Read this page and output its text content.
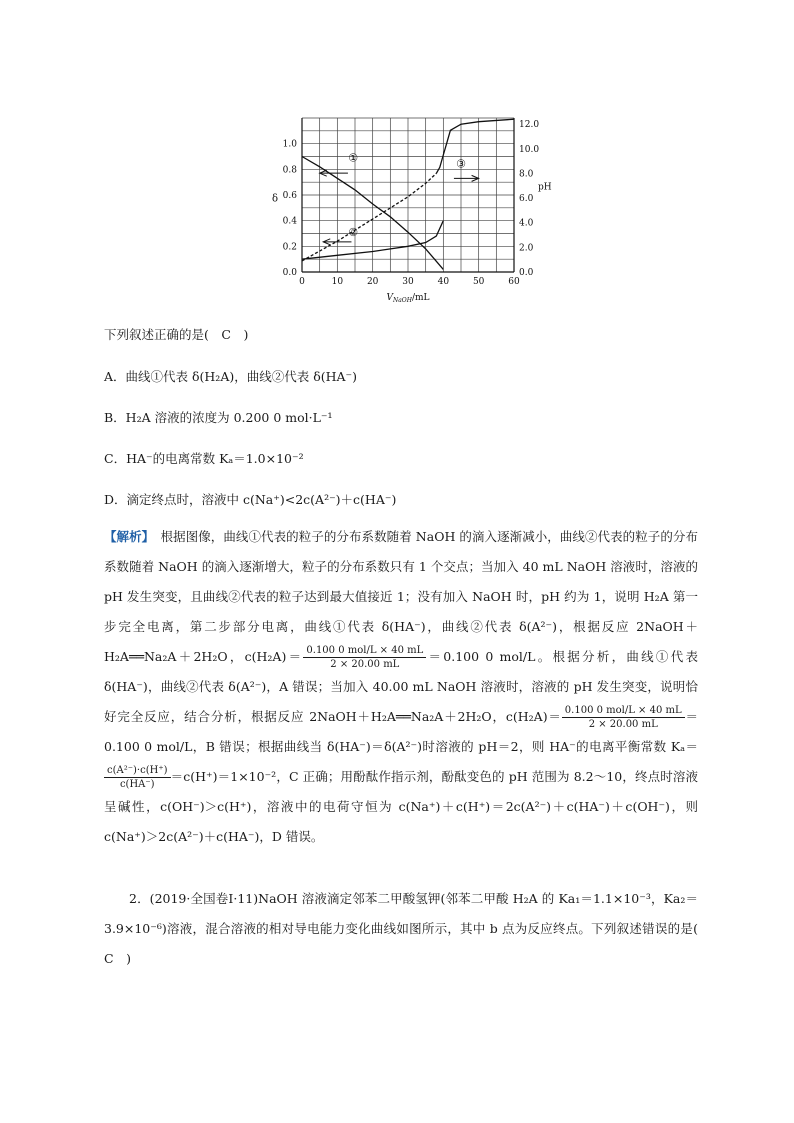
0	10	20	30	40	50	60
0.0
0.2
0.4
0.6
0.8
1.0
0.0
2.0
4.0
6.0
8.0
10.0
12.0
δ
pH
$V_{NaOH}/mL$
①
②
③
下列叙述正确的是(　C　)
A．曲线①代表 δ(H₂A)，曲线②代表 δ(HA⁻)
B．H₂A 溶液的浓度为 0.200 0 mol·L⁻¹
C．HA⁻的电离常数 Kₐ＝1.0×10⁻²
D．滴定终点时，溶液中 c(Na⁺)<2c(A²⁻)＋c(HA⁻)

【解析】　根据图像，曲线①代表的粒子的分布系数随着 NaOH 的滴入逐渐减小，曲线②代表的粒子的分布系数随着 NaOH 的滴入逐渐增大，粒子的分布系数只有 1 个交点；当加入 40 mL NaOH 溶液时，溶液的 pH 发生突变，且曲线②代表的粒子达到最大值接近 1；没有加入 NaOH 时，pH 约为 1，说明 H₂A 第一步完全电离，第二步部分电离，曲线①代表 δ(HA⁻)，曲线②代表 δ(A²⁻)，根据反应 2NaOH＋H₂A══Na₂A＋2H₂O，$c(H_2A)= \frac{\text{0.100 0 mol/L × 40 mL}}{2 \times 20.00 mL} =0.100$ 0 mol/L。根据分析，曲线①代表 δ(HA⁻)，曲线②代表 δ(A²⁻)，A 错误；当加入 40.00 mL NaOH 溶液时，溶液的 pH 发生突变，说明恰好完全反应，结合分析，根据反应 2NaOH＋H₂A══Na₂A＋2H₂O，$c(H_2A)= \frac{\text{0.100 0 mol/L × 40 mL}}{2 \times 20.00 mL} =0.100$ 0 mol/L，B 错误；根据曲线当 δ(HA⁻)＝δ(A²⁻)时溶液的 pH＝2，则 HA⁻的电离平衡常数 Kₐ＝
$\frac{\text{c(A²⁻)·c(H⁺)}}{c(HA^-)} =c(H^+)=1\times 10^{-2}$，C 正确；用酚酞作指示剂，酚酞变色的 pH 范围为 8.2～10，终点时溶液呈碱性，c(OH⁻)＞c(H⁺)，溶液中的电荷守恒为 c(Na⁺)＋c(H⁺)＝2c(A²⁻)＋c(HA⁻)＋c(OH⁻)，则 c(Na⁺)＞2c(A²⁻)＋c(HA⁻)，D 错误。

2．(2019·全国卷Ⅰ·11)NaOH 溶液滴定邻苯二甲酸氢钾(邻苯二甲酸 H₂A 的 Ka₁＝1.1×10⁻³，Ka₂＝3.9×10⁻⁶)溶液，混合溶液的相对导电能力变化曲线如图所示，其中 b 点为反应终点。下列叙述错误的是(　C　)
